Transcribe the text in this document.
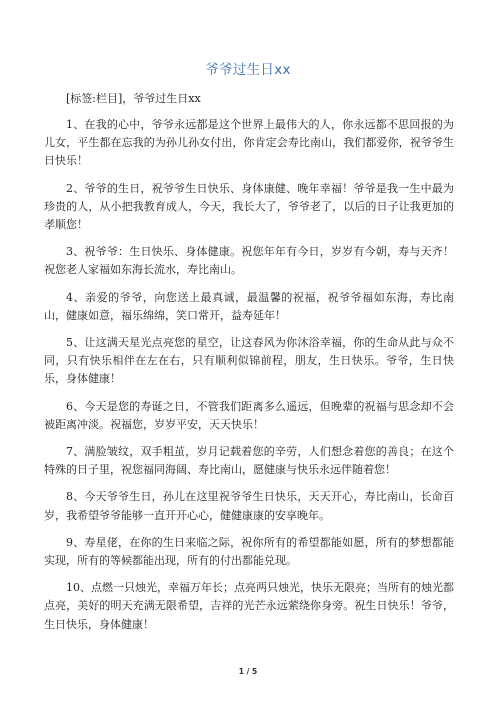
爷爷过生日xx

[标签:栏目]，爷爷过生日xx

1、在我的心中，爷爷永远都是这个世界上最伟大的人，你永远都不思回报的为儿女，平生都在忘我的为孙儿孙女付出，你肯定会寿比南山，我们都爱你，祝爷爷生日快乐！

2、爷爷的生日，祝爷爷生日快乐、身体康健、晚年幸福！爷爷是我一生中最为珍贵的人，从小把我教育成人，今天，我长大了，爷爷老了，以后的日子让我更加的孝顺您！

3、祝爷爷：生日快乐、身体健康。祝您年年有今日，岁岁有今朝，寿与天齐！祝您老人家福如东海长流水，寿比南山。

4、亲爱的爷爷，向您送上最真诚，最温馨的祝福，祝爷爷福如东海，寿比南山，健康如意，福乐绵绵，笑口常开，益寿延年！

5、让这满天星光点亮您的星空，让这春风为你沐浴幸福，你的生命从此与众不同，只有快乐相伴在左在右，只有顺利似锦前程，朋友，生日快乐。爷爷，生日快乐，身体健康！

6、今天是您的寿诞之日，不管我们距离多么遥远，但晚辈的祝福与思念却不会被距离冲淡。祝福您，岁岁平安，天天快乐！

7、满脸皱纹，双手粗茧，岁月记载着您的辛劳，人们想念着您的善良；在这个特殊的日子里，祝您福同海阔、寿比南山，愿健康与快乐永远伴随着您！

8、今天爷爷生日，孙儿在这里祝爷爷生日快乐，天天开心，寿比南山，长命百岁，我希望爷爷能够一直开开心心，健健康康的安享晚年。

9、寿星佬，在你的生日来临之际，祝你所有的希望都能如愿，所有的梦想都能实现，所有的等候都能出现，所有的付出都能兑现。

10、点燃一只烛光，幸福万年长；点亮两只烛光，快乐无限亮；当所有的烛光都点亮，美好的明天充满无限希望，吉祥的光芒永远萦绕你身旁。祝生日快乐！爷爷，生日快乐，身体健康！

1 / 5
